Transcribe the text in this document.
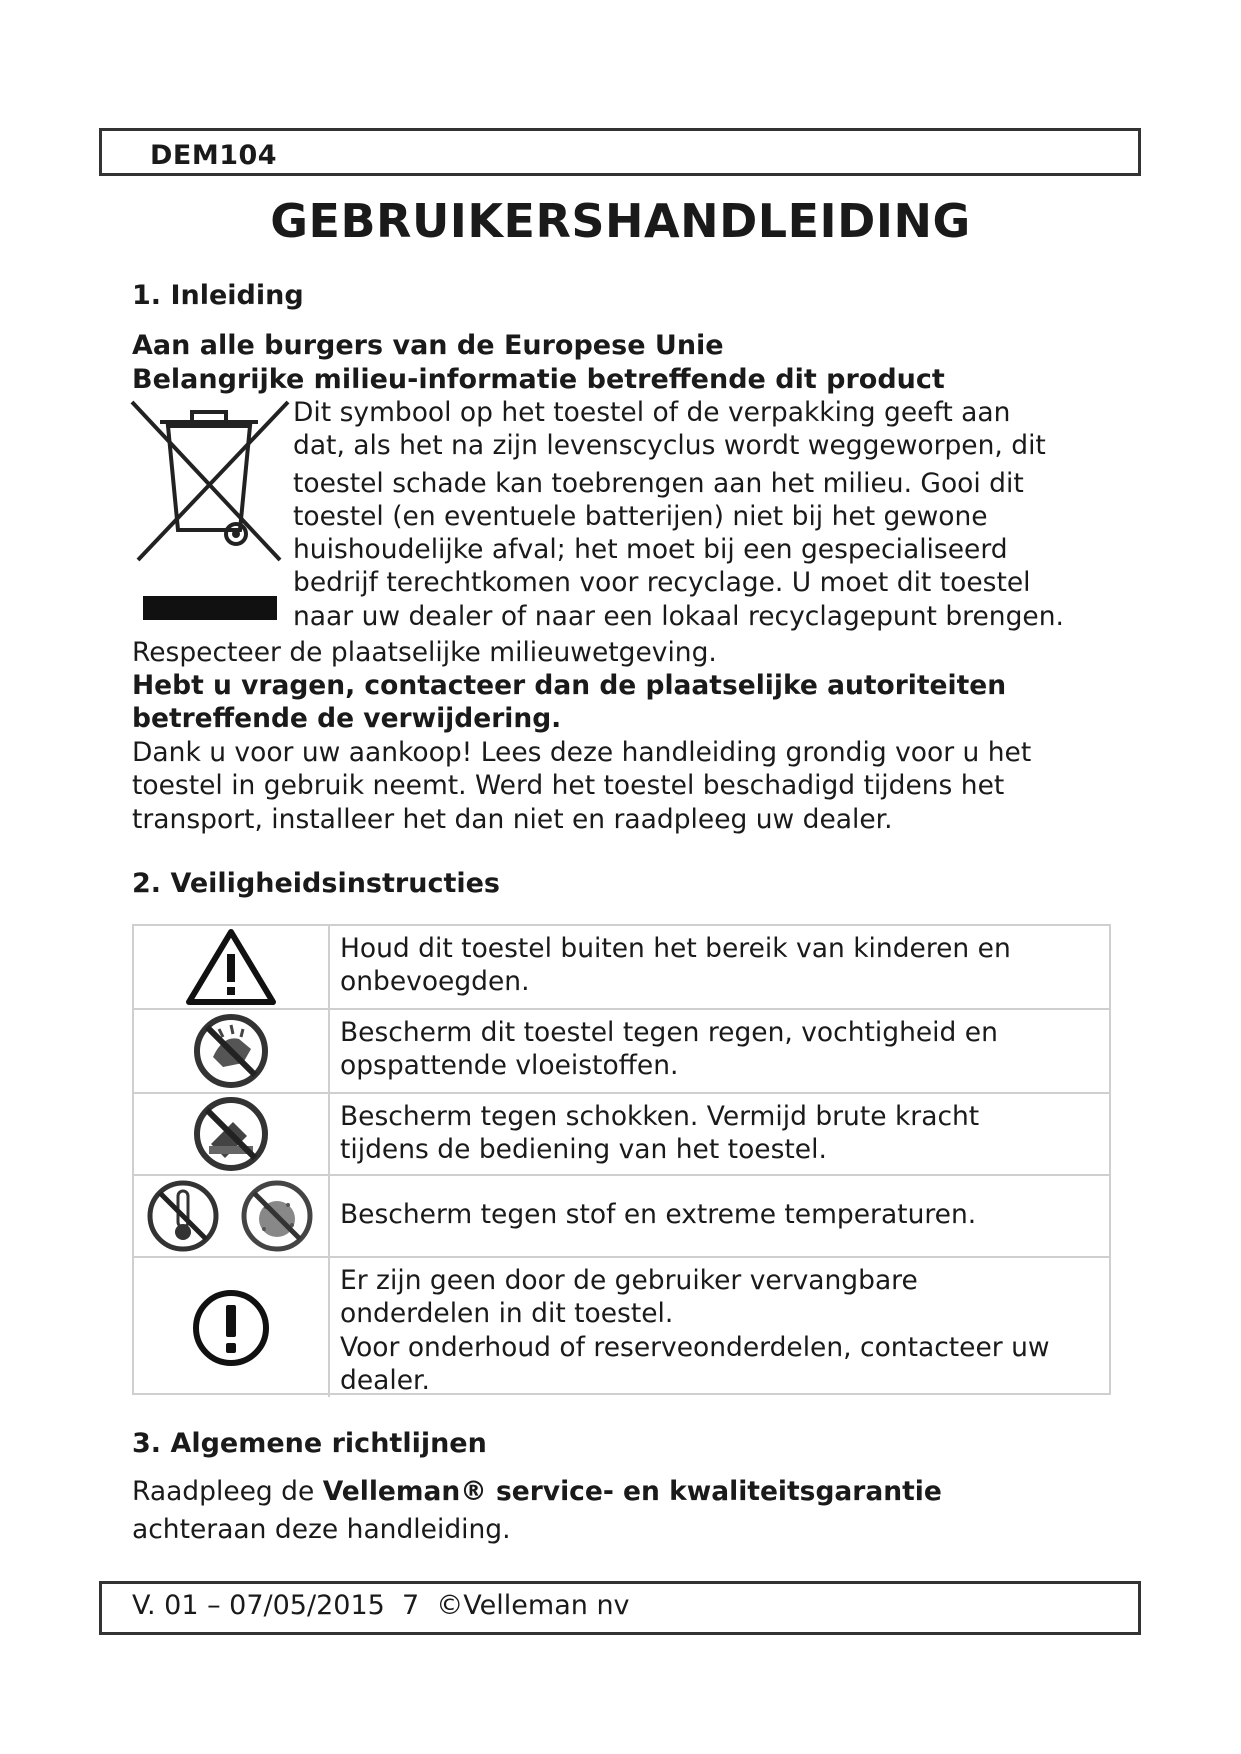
DEM104
GEBRUIKERSHANDLEIDING
1. Inleiding
Aan alle burgers van de Europese Unie
Belangrijke milieu-informatie betreffende dit product
Dit symbool op het toestel of de verpakking geeft aan
dat, als het na zijn levenscyclus wordt weggeworpen, dit
toestel schade kan toebrengen aan het milieu. Gooi dit
toestel (en eventuele batterijen) niet bij het gewone
huishoudelijke afval; het moet bij een gespecialiseerd
bedrijf terechtkomen voor recyclage. U moet dit toestel
naar uw dealer of naar een lokaal recyclagepunt brengen.
Respecteer de plaatselijke milieuwetgeving.
Hebt u vragen, contacteer dan de plaatselijke autoriteiten
betreffende de verwijdering.
Dank u voor uw aankoop! Lees deze handleiding grondig voor u het
toestel in gebruik neemt. Werd het toestel beschadigd tijdens het
transport, installeer het dan niet en raadpleeg uw dealer.
2. Veiligheidsinstructies
Houd dit toestel buiten het bereik van kinderen en
onbevoegden.
Bescherm dit toestel tegen regen, vochtigheid en
opspattende vloeistoffen.
Bescherm tegen schokken. Vermijd brute kracht
tijdens de bediening van het toestel.
Bescherm tegen stof en extreme temperaturen.
Er zijn geen door de gebruiker vervangbare
onderdelen in dit toestel.
Voor onderhoud of reserveonderdelen, contacteer uw
dealer.
3. Algemene richtlijnen
Raadpleeg de Velleman® service- en kwaliteitsgarantie
achteraan deze handleiding.
V. 01 – 07/05/2015  7  ©Velleman nv
